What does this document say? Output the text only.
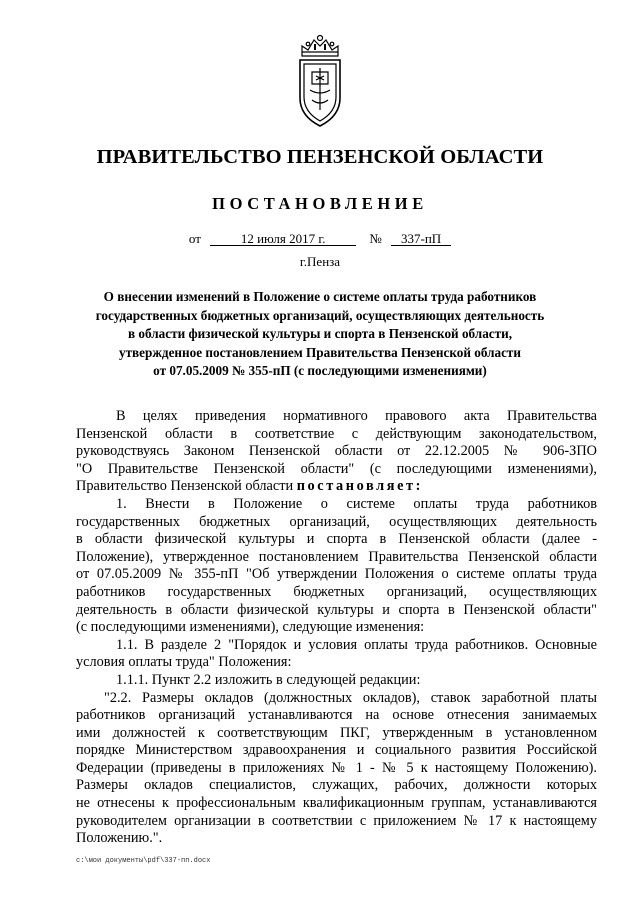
ПРАВИТЕЛЬСТВО ПЕНЗЕНСКОЙ ОБЛАСТИ
ПОСТАНОВЛЕНИЕ
от	12 июля 2017 г.	№ 337-пП
г.Пенза
О внесении изменений в Положение о системе оплаты труда работников
государственных бюджетных организаций, осуществляющих деятельность
в области физической культуры и спорта в Пензенской области,
утвержденное постановлением Правительства Пензенской области
от 07.05.2009 № 355-пП (с последующими изменениями)
В целях приведения нормативного правового акта Правительства
Пензенской области в соответствие с действующим законодательством,
руководствуясь Законом Пензенской области от 22.12.2005 № 906-ЗПО
"О Правительстве Пензенской области" (с последующими изменениями),
Правительство Пензенской области постановляет:
1. Внести в Положение о системе оплаты труда работников
государственных бюджетных организаций, осуществляющих деятельность
в области физической культуры и спорта в Пензенской области (далее -
Положение), утвержденное постановлением Правительства Пензенской области
от 07.05.2009 № 355-пП "Об утверждении Положения о системе оплаты труда
работников государственных бюджетных организаций, осуществляющих
деятельность в области физической культуры и спорта в Пензенской области"
(с последующими изменениями), следующие изменения:
1.1. В разделе 2 "Порядок и условия оплаты труда работников. Основные
условия оплаты труда" Положения:
1.1.1. Пункт 2.2 изложить в следующей редакции:
"2.2. Размеры окладов (должностных окладов), ставок заработной платы
работников организаций устанавливаются на основе отнесения занимаемых
ими должностей к соответствующим ПКГ, утвержденным в установленном
порядке Министерством здравоохранения и социального развития Российской
Федерации (приведены в приложениях № 1 - № 5 к настоящему Положению).
Размеры окладов специалистов, служащих, рабочих, должности которых
не отнесены к профессиональным квалификационным группам, устанавливаются
руководителем организации в соответствии с приложением № 17 к настоящему
Положению.".
c:\мои документы\pdf\337-пп.docx
